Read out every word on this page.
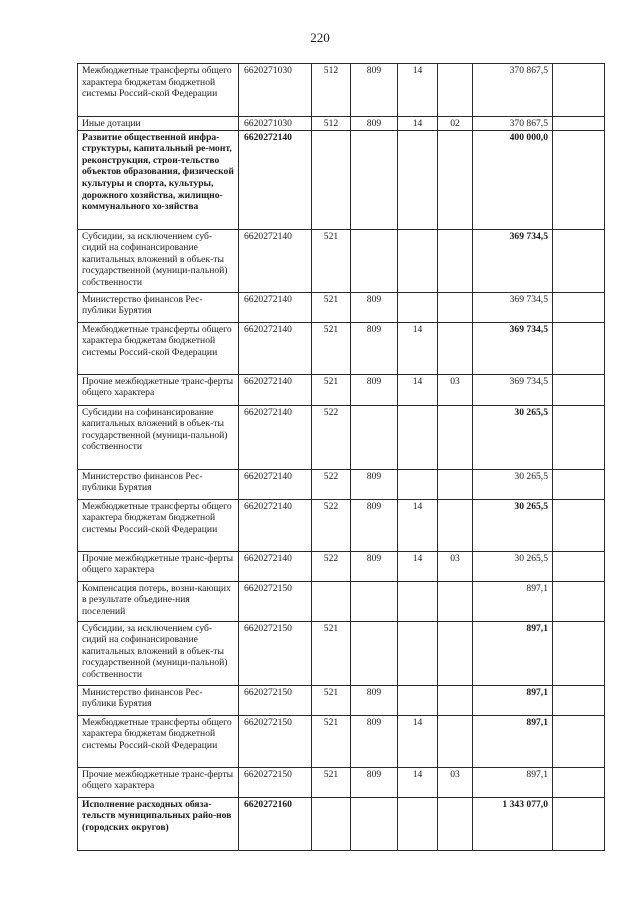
220
Межбюджетные трансферты общего характера бюджетам бюджетной системы Россий-ской Федерации	6620271030	512	809	14		370 867,5	
Иные дотации	6620271030	512	809	14	02	370 867,5	
Развитие общественной инфра-структуры, капитальный ре-монт, реконструкция, строи-тельство объектов образования, физической культуры и спорта, культуры, дорожного хозяйства, жилищно-коммунального хо-зяйства	6620272140					400 000,0	
Субсидии, за исключением суб-сидий на софинансирование капитальных вложений в объек-ты государственной (муници-пальной) собственности	6620272140	521				369 734,5	
Министерство финансов Рес-публики Бурятия	6620272140	521	809			369 734,5	
Межбюджетные трансферты общего характера бюджетам бюджетной системы Россий-ской Федерации	6620272140	521	809	14		369 734,5	
Прочие межбюджетные транс-ферты общего характера	6620272140	521	809	14	03	369 734,5	
Субсидии на софинансирование капитальных вложений в объек-ты государственной (муници-пальной) собственности	6620272140	522				30 265,5	
Министерство финансов Рес-публики Бурятия	6620272140	522	809			30 265,5	
Межбюджетные трансферты общего характера бюджетам бюджетной системы Россий-ской Федерации	6620272140	522	809	14		30 265,5	
Прочие межбюджетные транс-ферты общего характера	6620272140	522	809	14	03	30 265,5	
Компенсация потерь, возни-кающих в результате объедине-ния поселений	6620272150					897,1	
Субсидии, за исключением суб-сидий на софинансирование капитальных вложений в объек-ты государственной (муници-пальной) собственности	6620272150	521				897,1	
Министерство финансов Рес-публики Бурятия	6620272150	521	809			897,1	
Межбюджетные трансферты общего характера бюджетам бюджетной системы Россий-ской Федерации	6620272150	521	809	14		897,1	
Прочие межбюджетные транс-ферты общего характера	6620272150	521	809	14	03	897,1	
Исполнение расходных обяза-тельств муниципальных райо-нов (городских округов)	6620272160					1 343 077,0	
